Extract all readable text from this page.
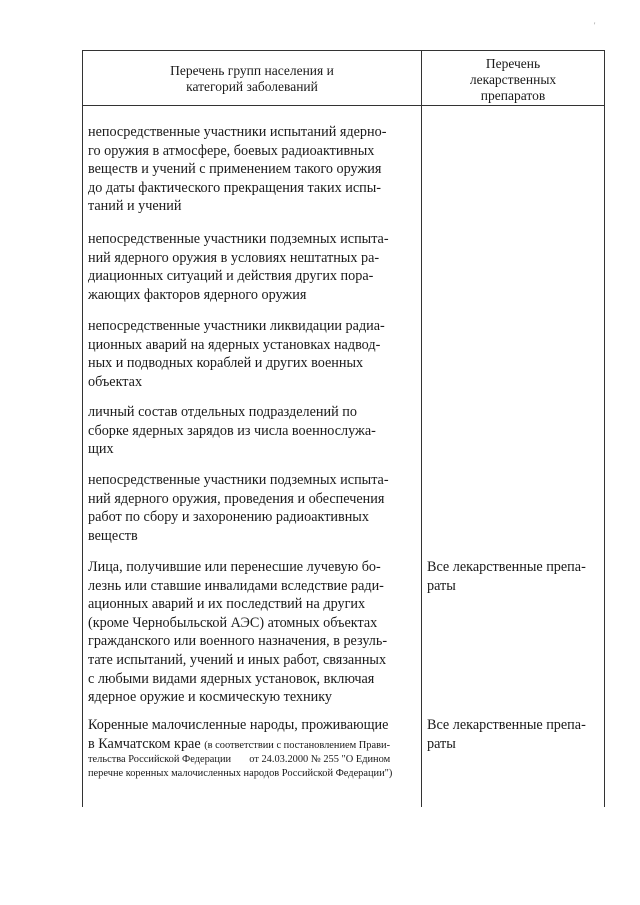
'
Перечень групп населения и
категорий заболеваний
Перечень
лекарственных
препаратов
непосредственные участники испытаний ядерно-
го оружия в атмосфере, боевых радиоактивных
веществ и учений с применением такого оружия
до даты фактического прекращения таких испы-
таний и учений
непосредственные участники подземных испыта-
ний ядерного оружия в условиях нештатных ра-
диационных ситуаций и действия других пора-
жающих факторов ядерного оружия
непосредственные участники ликвидации радиа-
ционных аварий на ядерных установках надвод-
ных и подводных кораблей и других военных
объектах
личный состав отдельных подразделений по
сборке ядерных зарядов из числа военнослужа-
щих
непосредственные участники подземных испыта-
ний ядерного оружия, проведения и обеспечения
работ по сбору и захоронению радиоактивных
веществ
Лица, получившие или перенесшие лучевую бо-
лезнь или ставшие инвалидами вследствие ради-
ационных аварий и их последствий на других
(кроме Чернобыльской АЭС) атомных объектах
гражданского или военного назначения, в резуль-
тате испытаний, учений и иных работ, связанных
с любыми видами ядерных установок, включая
ядерное оружие и космическую технику
Все лекарственные препа-
раты
Коренные малочисленные народы, проживающие
в Камчатском крае (в соответствии с постановлением Прави-
тельства Российской Федерации       от 24.03.2000 № 255 "О Едином
перечне коренных малочисленных народов Российской Федерации")
Все лекарственные препа-
раты
